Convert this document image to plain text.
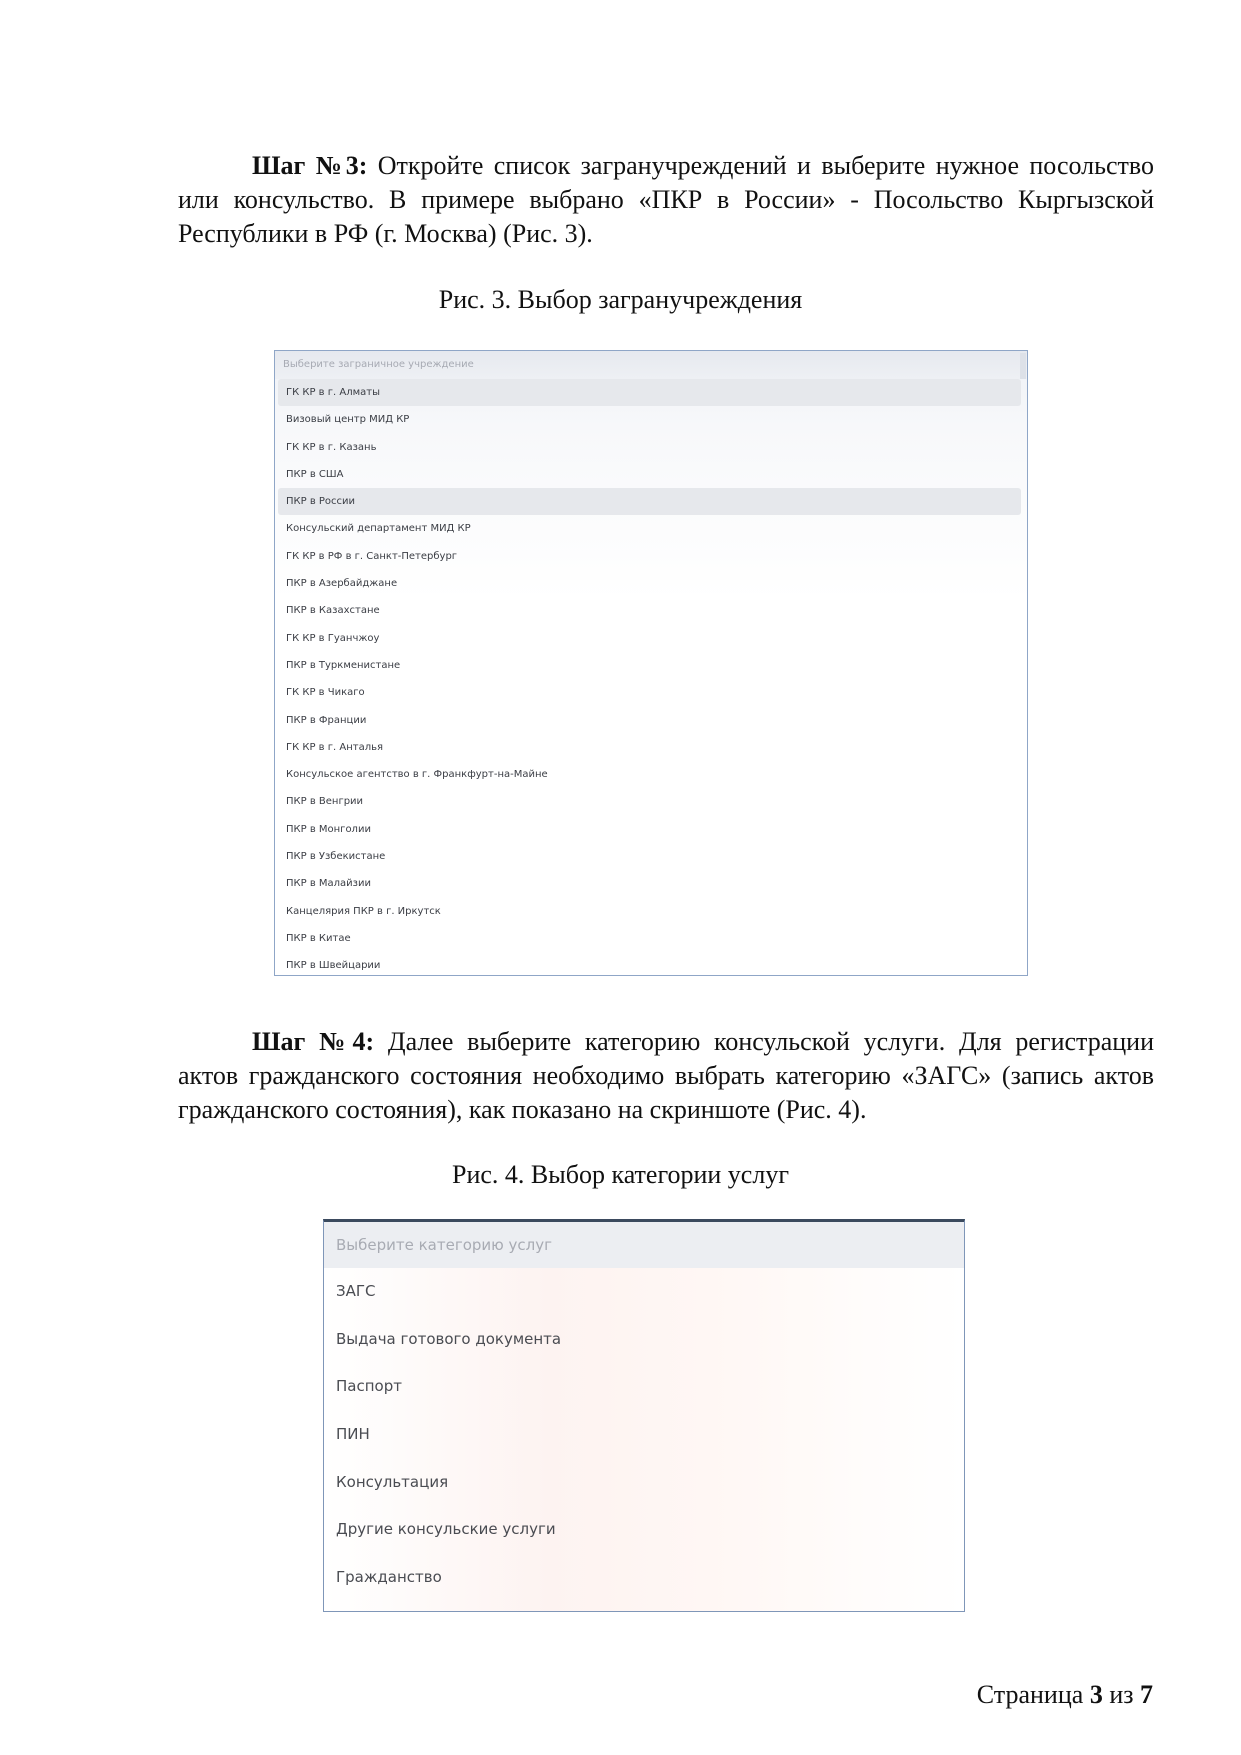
Шаг №3: Откройте список загранучреждений и выберите нужное посольство или консульство. В примере выбрано «ПКР в России» - Посольство Кыргызской Республики в РФ (г. Москва) (Рис. 3).

Рис. 3. Выбор загранучреждения
Выберите заграничное учреждение
ГК КР в г. Алматы
Визовый центр МИД КР
ГК КР в г. Казань
ПКР в США
ПКР в России
Консульский департамент МИД КР
ГК КР в РФ в г. Санкт-Петербург
ПКР в Азербайджане
ПКР в Казахстане
ГК КР в Гуанчжоу
ПКР в Туркменистане
ГК КР в Чикаго
ПКР в Франции
ГК КР в г. Анталья
Консульское агентство в г. Франкфурт-на-Майне
ПКР в Венгрии
ПКР в Монголии
ПКР в Узбекистане
ПКР в Малайзии
Канцелярия ПКР в г. Иркутск
ПКР в Китае
ПКР в Швейцарии

Шаг №4: Далее выберите категорию консульской услуги. Для регистрации актов гражданского состояния необходимо выбрать категорию «ЗАГС» (запись актов гражданского состояния), как показано на скриншоте (Рис. 4).

Рис. 4. Выбор категории услуг
Выберите категорию услуг
ЗАГС
Выдача готового документа
Паспорт
ПИН
Консультация
Другие консульские услуги
Гражданство
Страница 3 из 7
